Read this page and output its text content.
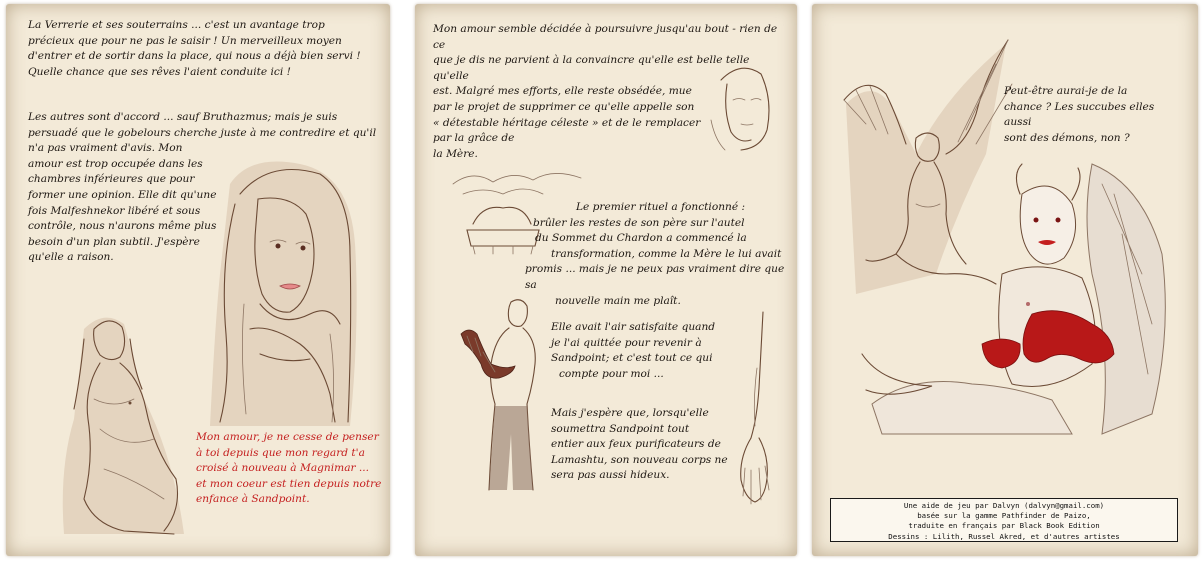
La Verrerie et ses souterrains ... c'est un avantage trop précieux que pour ne pas le saisir ! Un merveilleux moyen d'entrer et de sortir dans la place, qui nous a déjà bien servi ! Quelle chance que ses rêves l'aient conduite ici !

Les autres sont d'accord ... sauf Bruthazmus; mais je suis
persuadé que le gobelours cherche juste à me contredire et qu'il
n'a pas vraiment d'avis. Mon
amour est trop occupée dans les
chambres inférieures que pour
former une opinion. Elle dit qu'une
fois Malfeshnekor libéré et sous
contrôle, nous n'aurons même plus
besoin d'un plan subtil. J'espère
qu'elle a raison.
Mon amour, je ne cesse de penser
à toi depuis que mon regard t'a
croisé à nouveau à Magnimar ...
et mon coeur est tien depuis notre
enfance à Sandpoint.
Mon amour semble décidée à poursuivre jusqu'au bout - rien de ce
que je dis ne parvient à la convaincre qu'elle est belle telle qu'elle
est. Malgré mes efforts, elle reste obsédée, mue
par le projet de supprimer ce qu'elle appelle son
« détestable héritage céleste » et de le remplacer
par la grâce de
la Mère.
Le premier rituel a fonctionné :
brûler les restes de son père sur l'autel
du Sommet du Chardon a commencé la
transformation, comme la Mère le lui avait
promis ... mais je ne peux pas vraiment dire que sa
nouvelle main me plaît.
Elle avait l'air satisfaite quand
je l'ai quittée pour revenir à
Sandpoint; et c'est tout ce qui
compte pour moi ...
Mais j'espère que, lorsqu'elle
soumettra Sandpoint tout
entier aux feux purificateurs de
Lamashtu, son nouveau corps ne
sera pas aussi hideux.
Peut-être aurai-je de la
chance ? Les succubes elles aussi
sont des démons, non ?
Une aide de jeu par Dalvyn (dalvyn@gmail.com)
basée sur la gamme Pathfinder de Paizo,
traduite en français par Black Book Edition
Dessins : Lilith, Russel Akred, et d'autres artistes
